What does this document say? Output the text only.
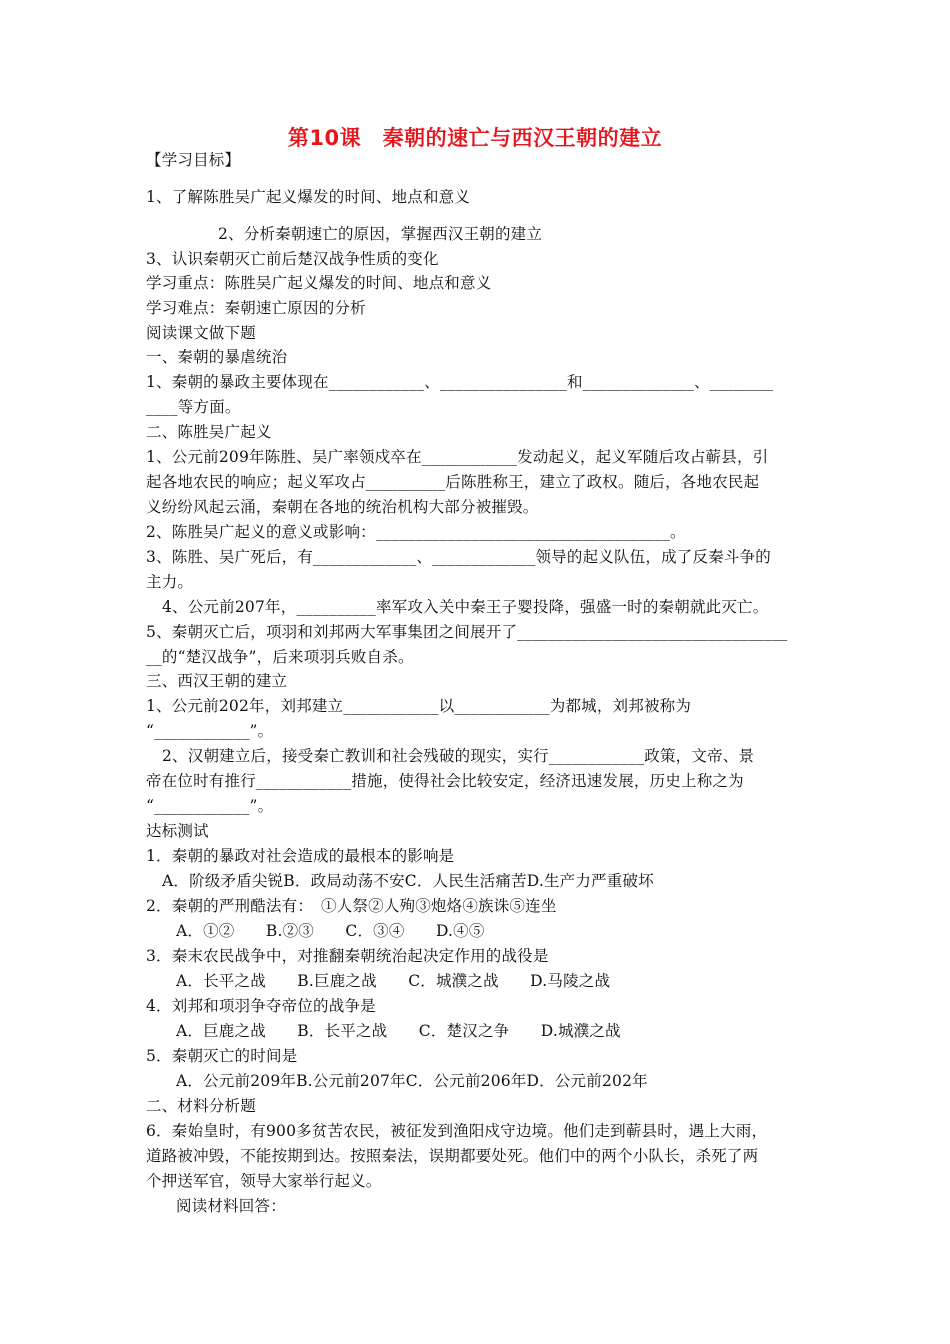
第10课　秦朝的速亡与西汉王朝的建立
【学习目标】
1、了解陈胜吴广起义爆发的时间、地点和意义
2、分析秦朝速亡的原因，掌握西汉王朝的建立
3、认识秦朝灭亡前后楚汉战争性质的变化
学习重点：陈胜吴广起义爆发的时间、地点和意义
学习难点：秦朝速亡原因的分析
阅读课文做下题
一、秦朝的暴虐统治
1、秦朝的暴政主要体现在____________、________________和______________、________
____等方面。
二、陈胜吴广起义
1、公元前209年陈胜、吴广率领戍卒在____________发动起义，起义军随后攻占蕲县，引
起各地农民的响应；起义军攻占__________后陈胜称王，建立了政权。随后，各地农民起
义纷纷风起云涌，秦朝在各地的统治机构大部分被摧毁。
2、陈胜吴广起义的意义或影响：_____________________________________。
3、陈胜、吴广死后，有_____________、_____________领导的起义队伍，成了反秦斗争的
主力。
4、公元前207年，__________率军攻入关中秦王子婴投降，强盛一时的秦朝就此灭亡。
5、秦朝灭亡后，项羽和刘邦两大军事集团之间展开了__________________________________
__的“楚汉战争”，后来项羽兵败自杀。
三、西汉王朝的建立
1、公元前202年，刘邦建立____________以____________为都城，刘邦被称为
“____________”。
2、汉朝建立后，接受秦亡教训和社会残破的现实，实行____________政策，文帝、景
帝在位时有推行____________措施，使得社会比较安定，经济迅速发展，历史上称之为
“____________”。
达标测试
1．秦朝的暴政对社会造成的最根本的影响是
A．阶级矛盾尖锐B．政局动荡不安C．人民生活痛苦D.生产力严重破坏
2．秦朝的严刑酷法有：　①人祭②人殉③炮烙④族诛⑤连坐
A．①②　　B.②③　　C．③④　　D.④⑤
3．秦末农民战争中，对推翻秦朝统治起决定作用的战役是
A．长平之战　　B.巨鹿之战　　C．城濮之战　　D.马陵之战
4．刘邦和项羽争夺帝位的战争是
A．巨鹿之战　　B．长平之战　　C．楚汉之争　　D.城濮之战
5．秦朝灭亡的时间是
A．公元前209年B.公元前207年C．公元前206年D．公元前202年
二、材料分析题
6．秦始皇时，有900多贫苦农民，被征发到渔阳戍守边境。他们走到蕲县时，遇上大雨，
道路被冲毁，不能按期到达。按照秦法，误期都要处死。他们中的两个小队长，杀死了两
个押送军官，领导大家举行起义。
阅读材料回答：
